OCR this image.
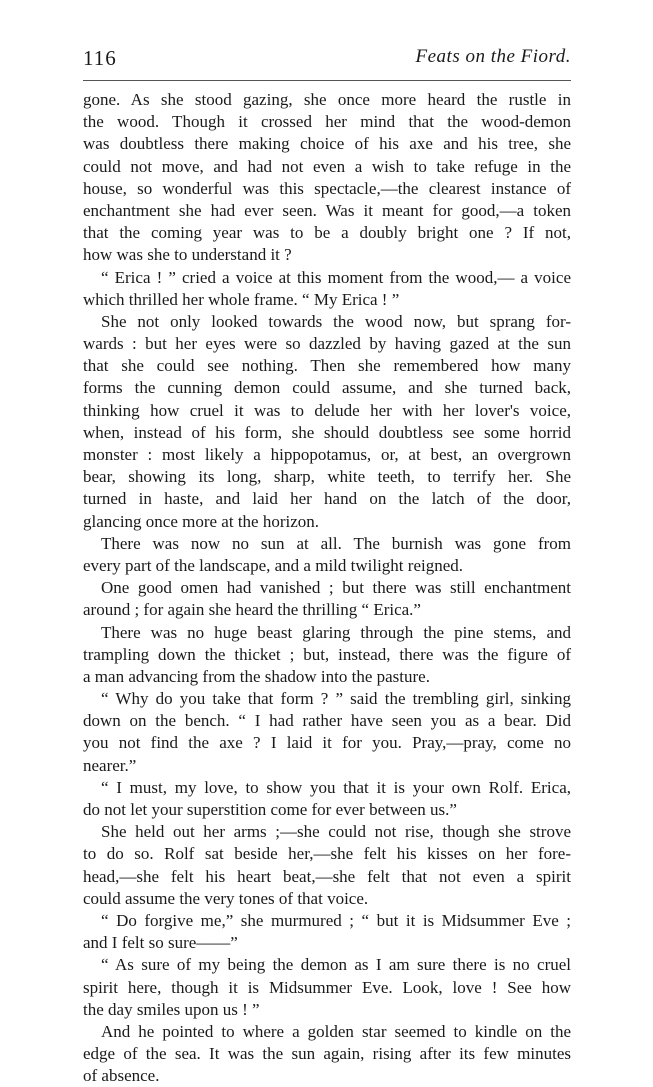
116	Feats on the Fiord.
gone. As she stood gazing, she once more heard the rustle in
the wood. Though it crossed her mind that the wood-demon
was doubtless there making choice of his axe and his tree, she
could not move, and had not even a wish to take refuge in the
house, so wonderful was this spectacle,—the clearest instance of
enchantment she had ever seen. Was it meant for good,—a token
that the coming year was to be a doubly bright one ? If not,
how was she to understand it ?
“ Erica ! ” cried a voice at this moment from the wood,— a voice
which thrilled her whole frame. “ My Erica ! ”
She not only looked towards the wood now, but sprang for-
wards : but her eyes were so dazzled by having gazed at the sun
that she could see nothing. Then she remembered how many
forms the cunning demon could assume, and she turned back,
thinking how cruel it was to delude her with her lover's voice,
when, instead of his form, she should doubtless see some horrid
monster : most likely a hippopotamus, or, at best, an overgrown
bear, showing its long, sharp, white teeth, to terrify her. She
turned in haste, and laid her hand on the latch of the door,
glancing once more at the horizon.
There was now no sun at all. The burnish was gone from
every part of the landscape, and a mild twilight reigned.
One good omen had vanished ; but there was still enchantment
around ; for again she heard the thrilling “ Erica.”
There was no huge beast glaring through the pine stems, and
trampling down the thicket ; but, instead, there was the figure of
a man advancing from the shadow into the pasture.
“ Why do you take that form ? ” said the trembling girl, sinking
down on the bench. “ I had rather have seen you as a bear. Did
you not find the axe ? I laid it for you. Pray,—pray, come no
nearer.”
“ I must, my love, to show you that it is your own Rolf. Erica,
do not let your superstition come for ever between us.”
She held out her arms ;—she could not rise, though she strove
to do so. Rolf sat beside her,—she felt his kisses on her fore-
head,—she felt his heart beat,—she felt that not even a spirit
could assume the very tones of that voice.
“ Do forgive me,” she murmured ; “ but it is Midsummer Eve ;
and I felt so sure——”
“ As sure of my being the demon as I am sure there is no cruel
spirit here, though it is Midsummer Eve. Look, love ! See how
the day smiles upon us ! ”
And he pointed to where a golden star seemed to kindle on the
edge of the sea. It was the sun again, rising after its few minutes
of absence.
